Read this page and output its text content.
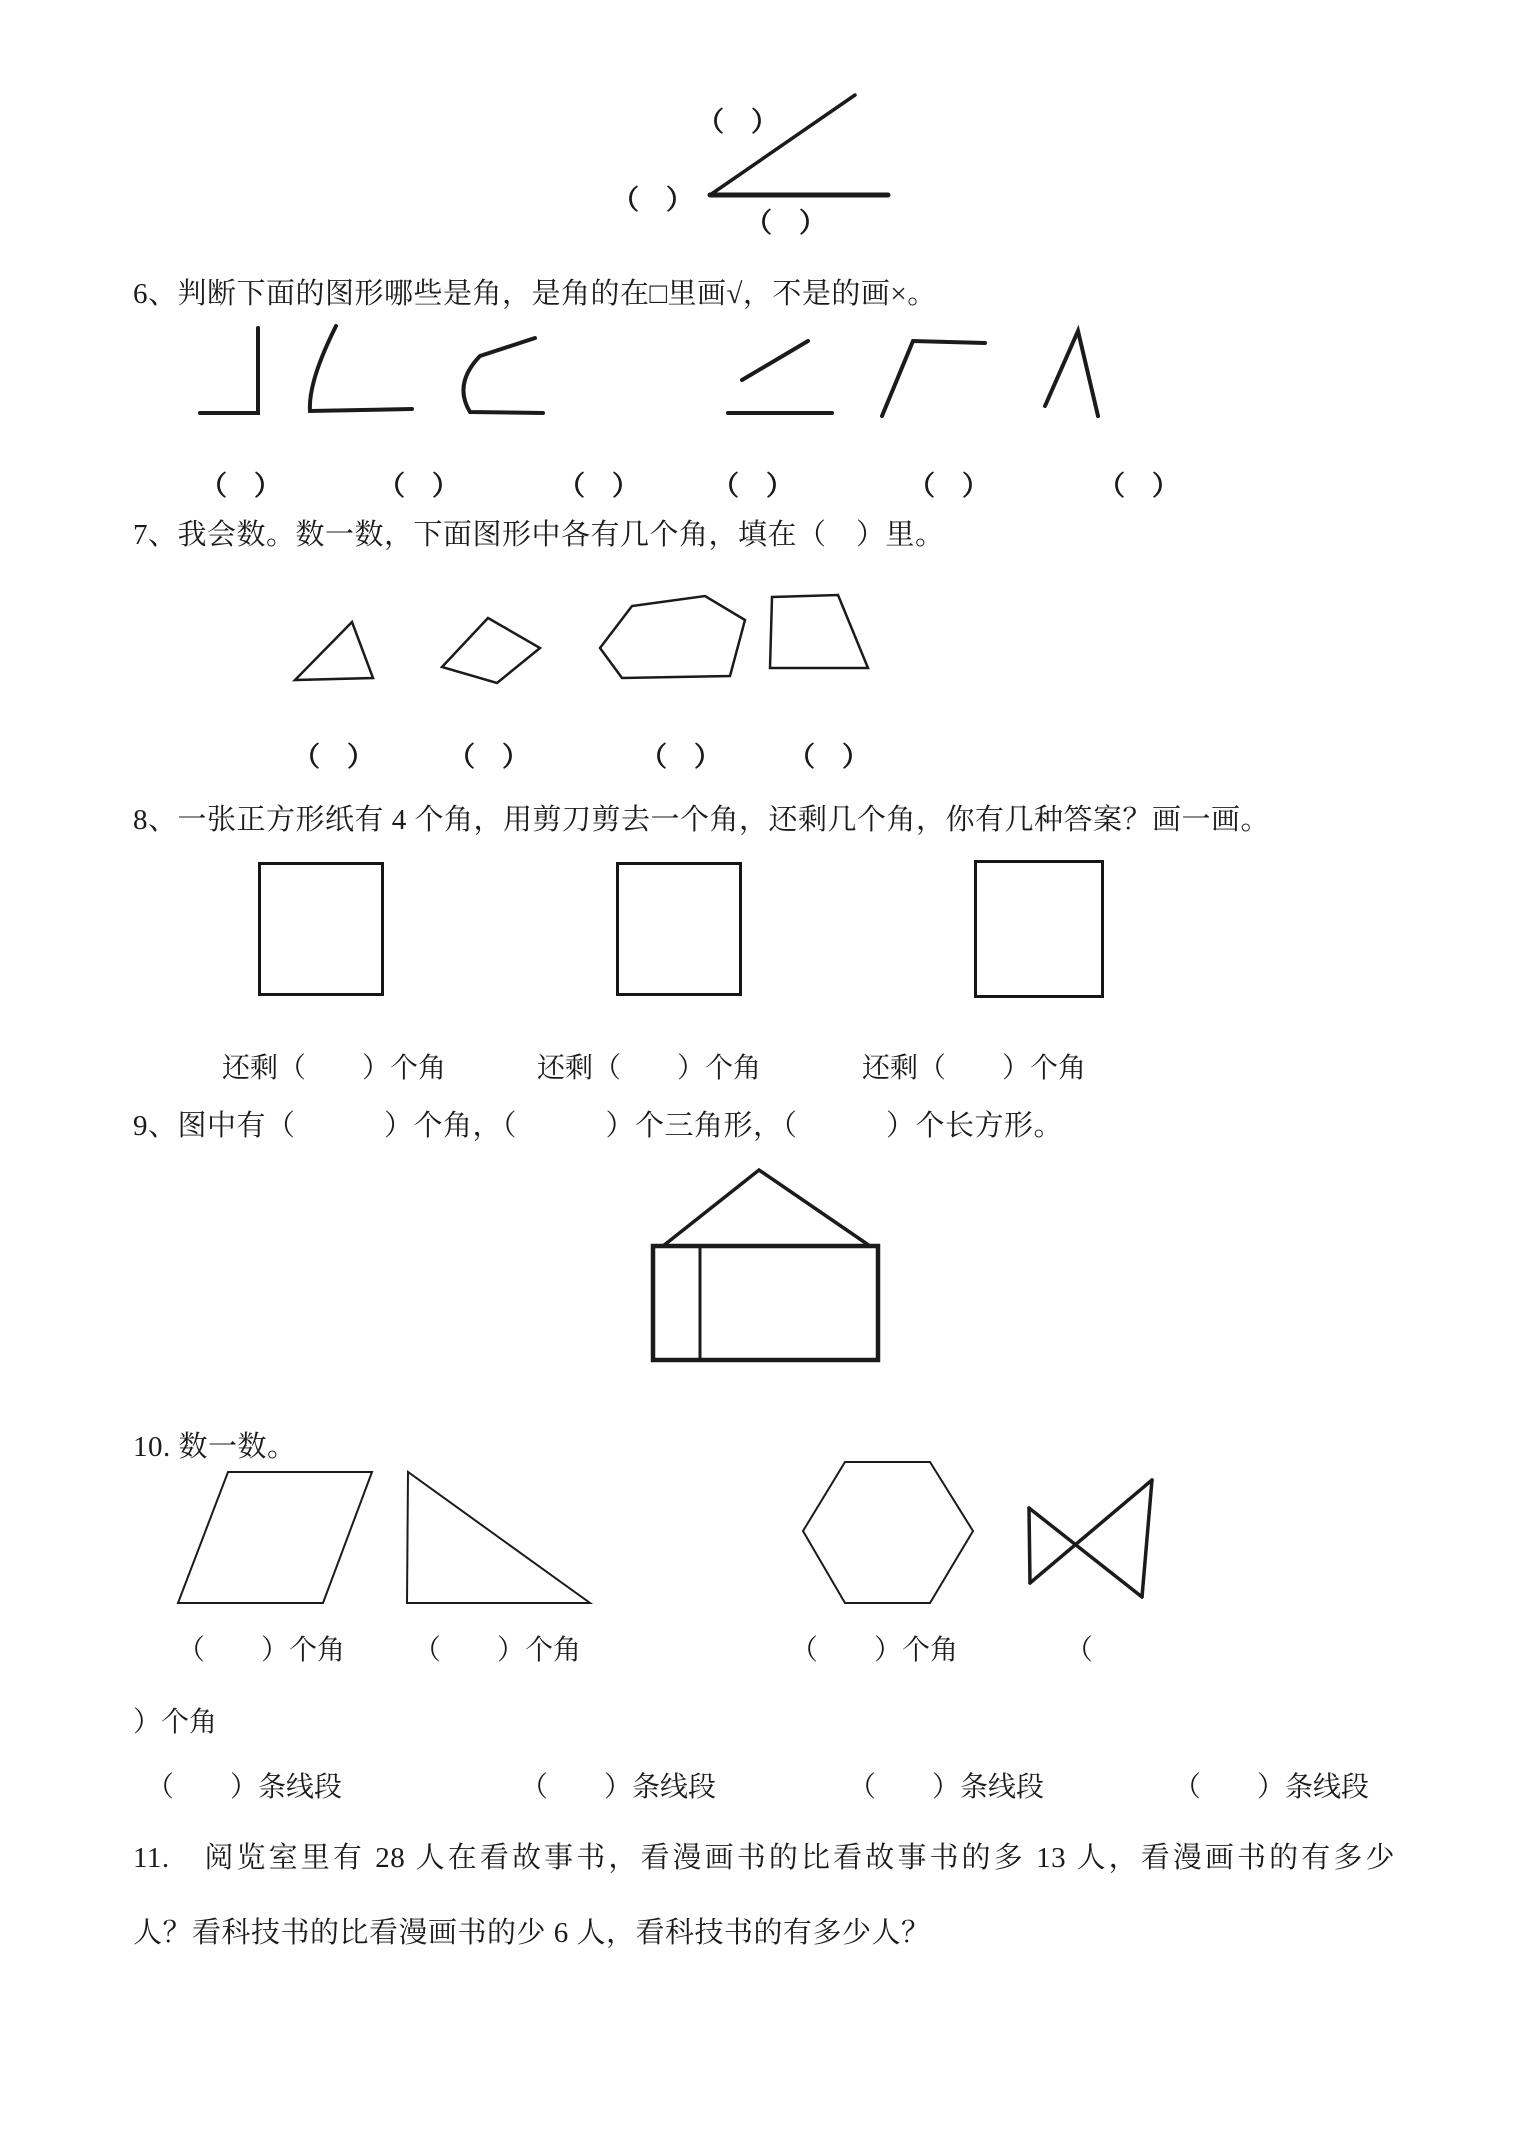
（　）
（　）
（　）
6、判断下面的图形哪些是角，是角的在□里画√，不是的画×。
（　）	（　）	（　）	（　）	（　）	（　）
7、我会数。数一数，下面图形中各有几个角，填在（　）里。
（　）	（　）	（　） （　）
8、一张正方形纸有 4 个角，用剪刀剪去一个角，还剩几个角，你有几种答案？画一画。
还剩（　　）个角	还剩（　　）个角	还剩（　　）个角
9、图中有（　　　）个角，（　　　）个三角形，（　　　）个长方形。
10. 数一数。
（　　）个角 （　　）个角	（　　）个角	（
）个角
（　　）条线段	（　　）条线段	（　　）条线段	（　　）条线段
11.　阅览室里有 28 人在看故事书，看漫画书的比看故事书的多 13 人，看漫画书的有多少
人？看科技书的比看漫画书的少 6 人，看科技书的有多少人？
